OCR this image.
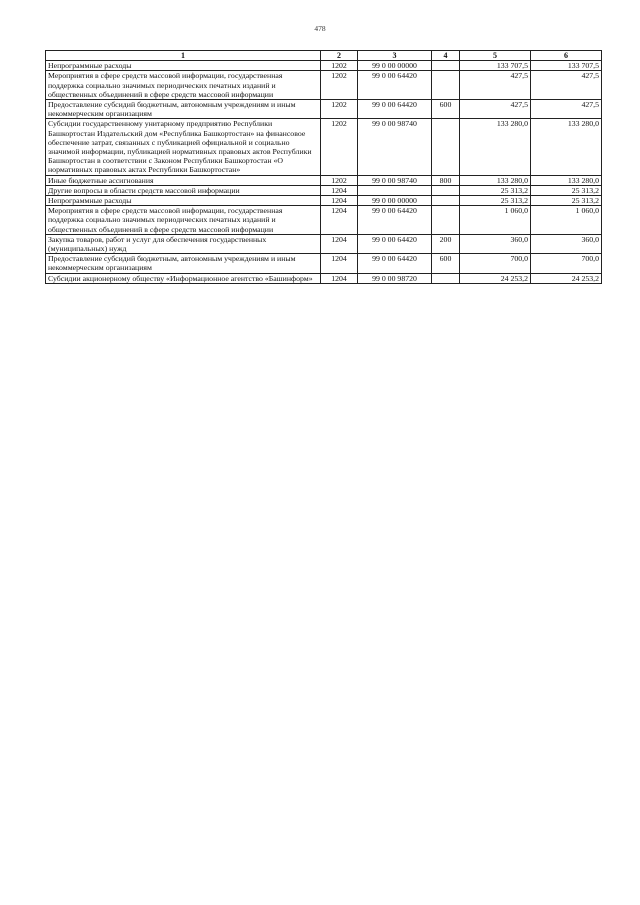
478
1	2	3	4	5	6
Непрограммные расходы	1202	99 0 00 00000		133 707,5	133 707,5
Мероприятия в сфере средств массовой информации, государственная поддержка социально значимых периодических печатных изданий и общественных объединений в сфере средств массовой информации	1202	99 0 00 64420		427,5	427,5
Предоставление субсидий бюджетным, автономным учреждениям и иным некоммерческим организациям	1202	99 0 00 64420	600	427,5	427,5
Субсидии государственному унитарному предприятию Республики Башкортостан Издательский дом «Республика Башкортостан» на финансовое обеспечение затрат, связанных с публикацией официальной и социально значимой информации, публикацией нормативных правовых актов Республики Башкортостан в соответствии с Законом Республики Башкортостан «О нормативных правовых актах Республики Башкортостан»	1202	99 0 00 98740		133 280,0	133 280,0
Иные бюджетные ассигнования	1202	99 0 00 98740	800	133 280,0	133 280,0
Другие вопросы в области средств массовой информации	1204			25 313,2	25 313,2
Непрограммные расходы	1204	99 0 00 00000		25 313,2	25 313,2
Мероприятия в сфере средств массовой информации, государственная поддержка социально значимых периодических печатных изданий и общественных объединений в сфере средств массовой информации	1204	99 0 00 64420		1 060,0	1 060,0
Закупка товаров, работ и услуг для обеспечения государственных (муниципальных) нужд	1204	99 0 00 64420	200	360,0	360,0
Предоставление субсидий бюджетным, автономным учреждениям и иным некоммерческим организациям	1204	99 0 00 64420	600	700,0	700,0
Субсидии акционерному обществу «Информационное агентство «Башинформ»	1204	99 0 00 98720		24 253,2	24 253,2
